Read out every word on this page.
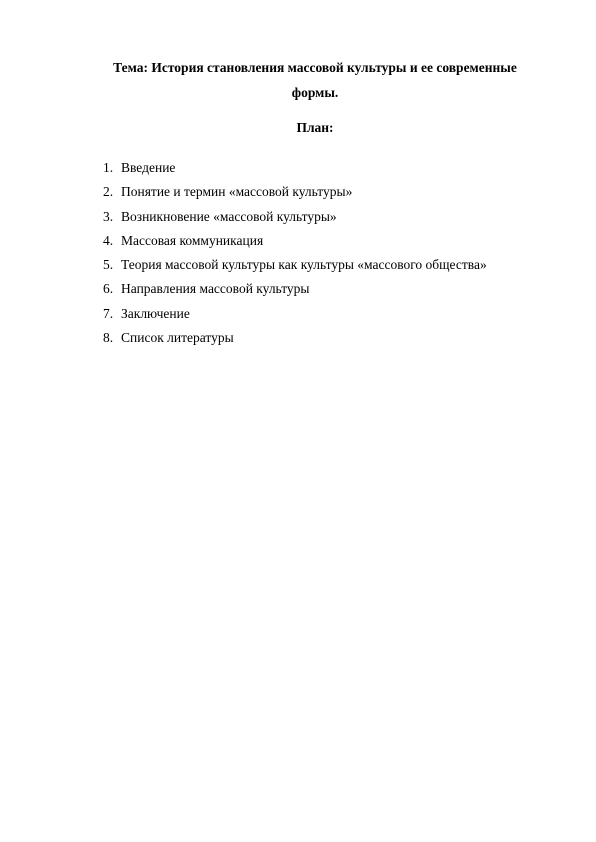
Тема: История становления массовой культуры и ее современные формы.
План:
1. Введение
2. Понятие и термин «массовой культуры»
3. Возникновение «массовой культуры»
4. Массовая коммуникация
5. Теория массовой культуры как культуры «массового общества»
6. Направления массовой культуры
7. Заключение
8. Список литературы
